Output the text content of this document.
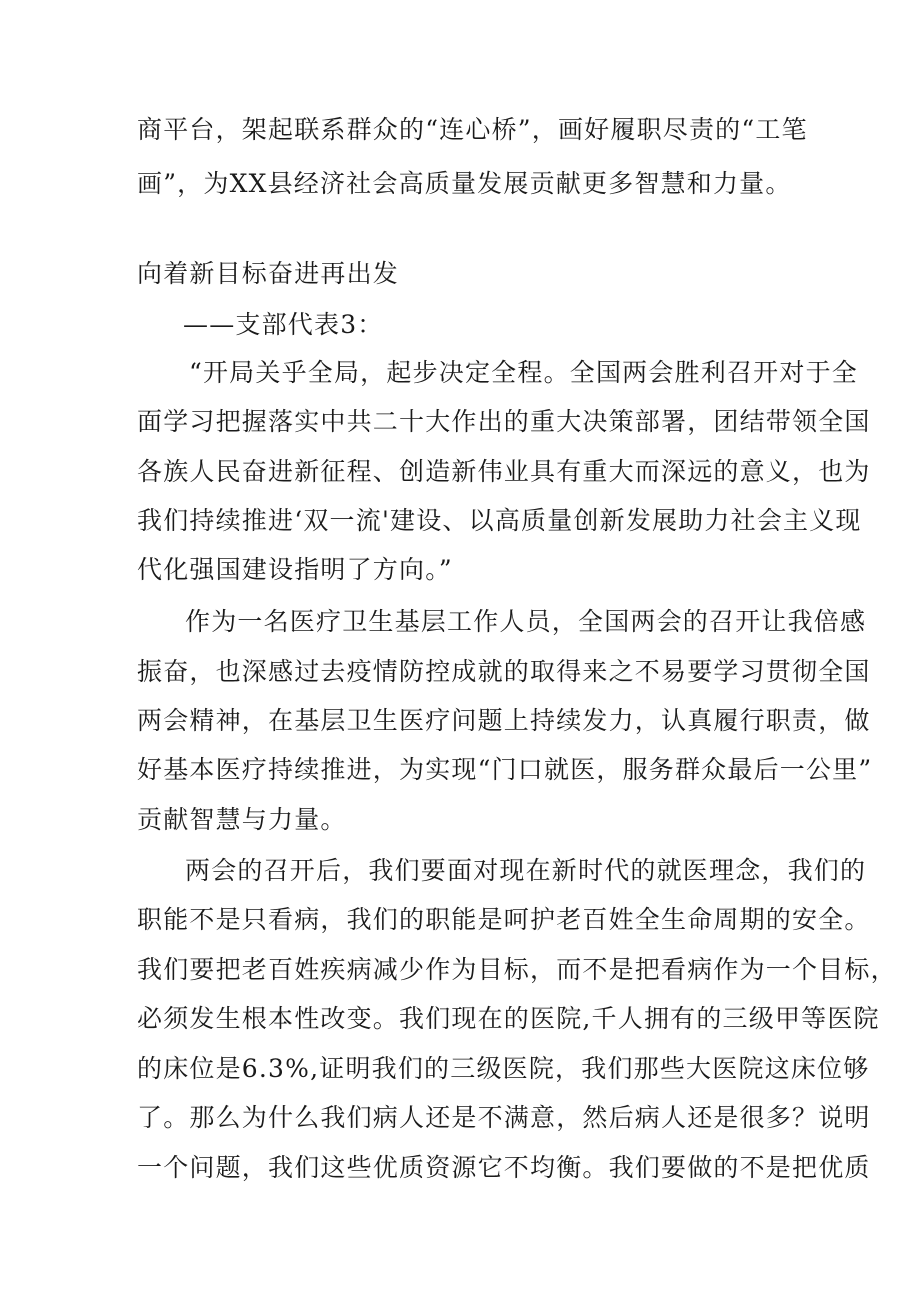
商平台，架起联系群众的“连心桥”，画好履职尽责的“工笔
画”，为XX县经济社会高质量发展贡献更多智慧和力量。
向着新目标奋进再出发
——支部代表3：
“开局关乎全局，起步决定全程。全国两会胜利召开对于全
面学习把握落实中共二十大作出的重大决策部署，团结带领全国
各族人民奋进新征程、创造新伟业具有重大而深远的意义，也为
我们持续推进‘双一流'建设、以高质量创新发展助力社会主义现
代化强国建设指明了方向。”
作为一名医疗卫生基层工作人员，全国两会的召开让我倍感
振奋，也深感过去疫情防控成就的取得来之不易要学习贯彻全国
两会精神，在基层卫生医疗问题上持续发力，认真履行职责，做
好基本医疗持续推进，为实现“门口就医，服务群众最后一公里”
贡献智慧与力量。
两会的召开后，我们要面对现在新时代的就医理念，我们的
职能不是只看病，我们的职能是呵护老百姓全生命周期的安全。
我们要把老百姓疾病减少作为目标，而不是把看病作为一个目标，
必须发生根本性改变。我们现在的医院,千人拥有的三级甲等医院
的床位是6.3%,证明我们的三级医院，我们那些大医院这床位够
了。那么为什么我们病人还是不满意，然后病人还是很多？说明
一个问题，我们这些优质资源它不均衡。我们要做的不是把优质
